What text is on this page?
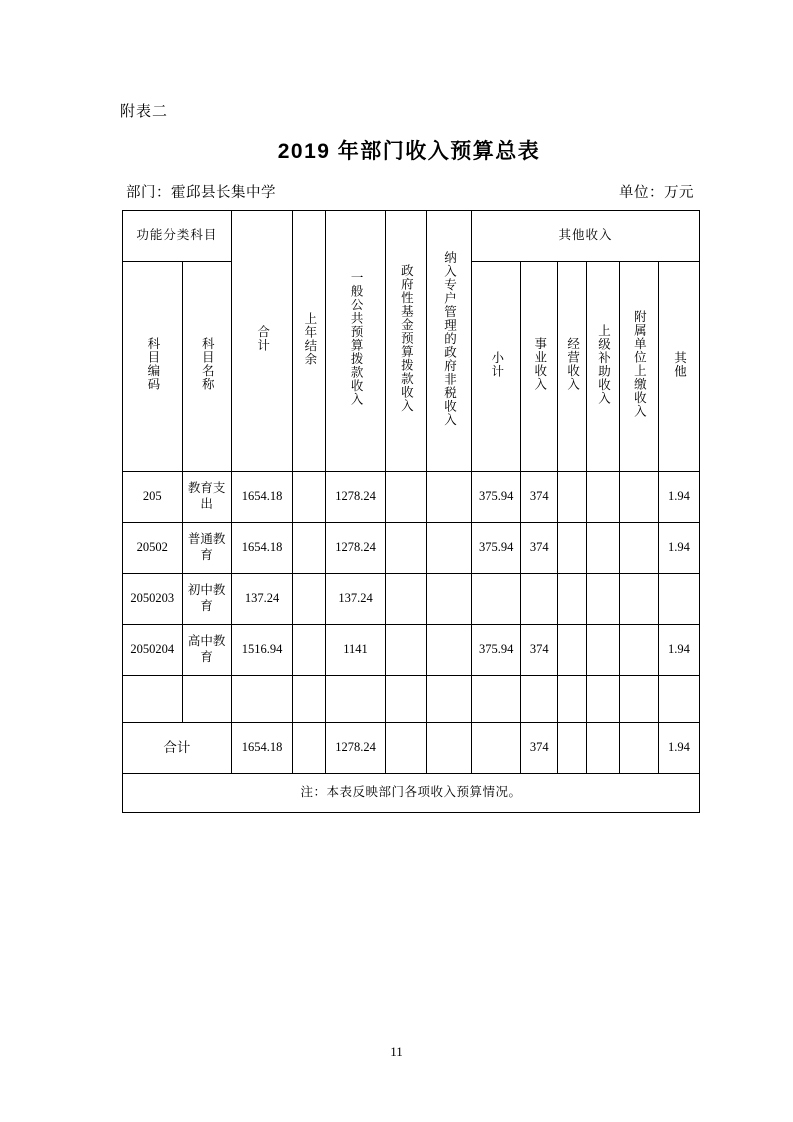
附表二
2019 年部门收入预算总表
部门：霍邱县长集中学	单位：万元
功能分类科目		合计	上年结余	一般公共预算拨款收入	政府性基金预算拨款收入	纳入专户管理的政府非税收入	其他收入					
科目编码	科目名称						小计	事业收入	经营收入	上级补助收入	附属单位上缴收入	其他
205	教育支出	1654.18		1278.24			375.94	374				1.94
20502	普通教育	1654.18		1278.24			375.94	374				1.94
2050203	初中教育	137.24		137.24								
2050204	高中教育	1516.94		1141			375.94	374				1.94

合计		1654.18		1278.24				374				1.94
注：本表反映部门各项收入预算情况。												
11
